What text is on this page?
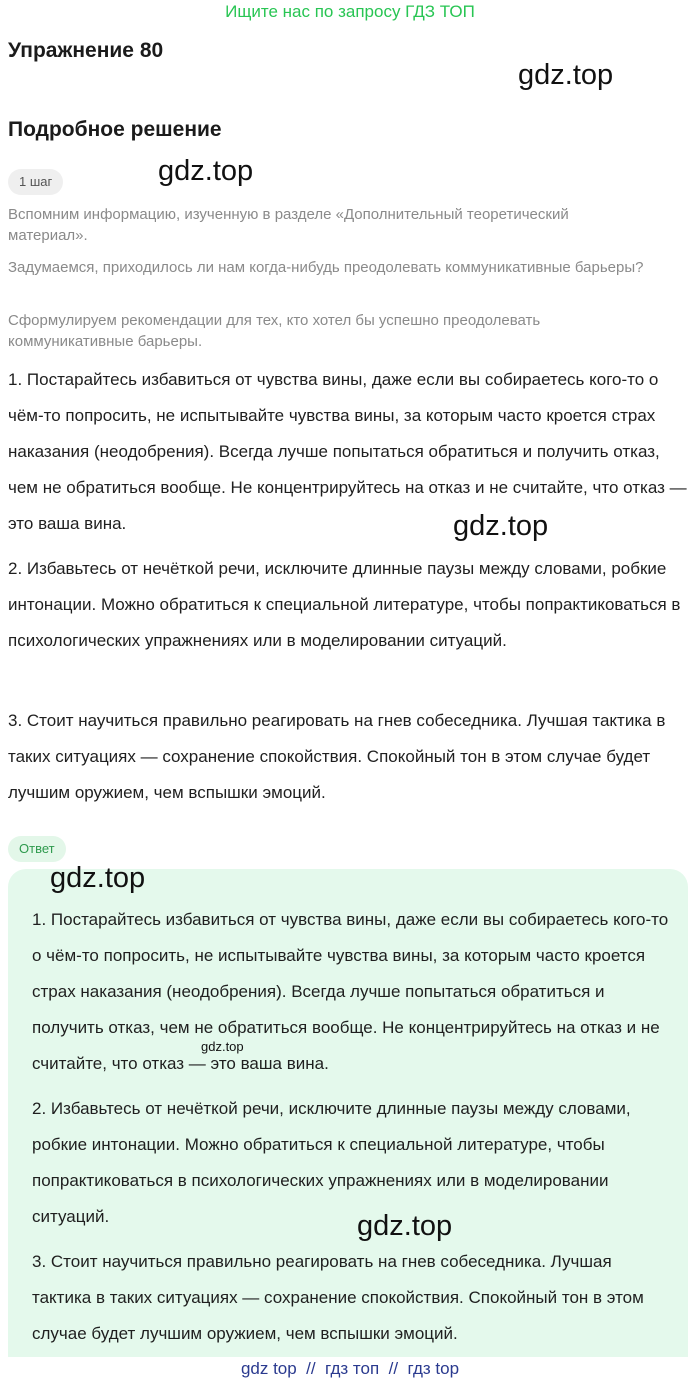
Ищите нас по запросу ГДЗ ТОП
Упражнение 80
gdz.top
Подробное решение
1 шаг	gdz.top

Вспомним информацию, изученную в разделе «Дополнительный теоретический материал».

Задумаемся, приходилось ли нам когда-нибудь преодолевать коммуникативные барьеры?

Сформулируем рекомендации для тех, кто хотел бы успешно преодолевать коммуникативные барьеры.

1. Постарайтесь избавиться от чувства вины, даже если вы собираетесь кого-то о чём-то попросить, не испытывайте чувства вины, за которым часто кроется страх наказания (неодобрения). Всегда лучше попытаться обратиться и получить отказ, чем не обратиться вообще. Не концентрируйтесь на отказ и не считайте, что отказ — это ваша вина.	gdz.top

2. Избавьтесь от нечёткой речи, исключите длинные паузы между словами, робкие интонации. Можно обратиться к специальной литературе, чтобы попрактиковаться в психологических упражнениях или в моделировании ситуаций.

3. Стоит научиться правильно реагировать на гнев собеседника. Лучшая тактика в таких ситуациях — сохранение спокойствия. Спокойный тон в этом случае будет лучшим оружием, чем вспышки эмоций.

Ответ
gdz.top

1. Постарайтесь избавиться от чувства вины, даже если вы собираетесь кого-то о чём-то попросить, не испытывайте чувства вины, за которым часто кроется страх наказания (неодобрения). Всегда лучше попытаться обратиться и получить отказ, чем не обратиться вообще. Не концентрируйтесь на отказ и не считайте, что отказ — это ваша вина.

gdz.top

2. Избавьтесь от нечёткой речи, исключите длинные паузы между словами, робкие интонации. Можно обратиться к специальной литературе, чтобы попрактиковаться в психологических упражнениях или в моделировании ситуаций.	gdz.top

3. Стоит научиться правильно реагировать на гнев собеседника. Лучшая тактика в таких ситуациях — сохранение спокойствия. Спокойный тон в этом случае будет лучшим оружием, чем вспышки эмоций.

gdz top  //  гдз топ  //  гдз top
